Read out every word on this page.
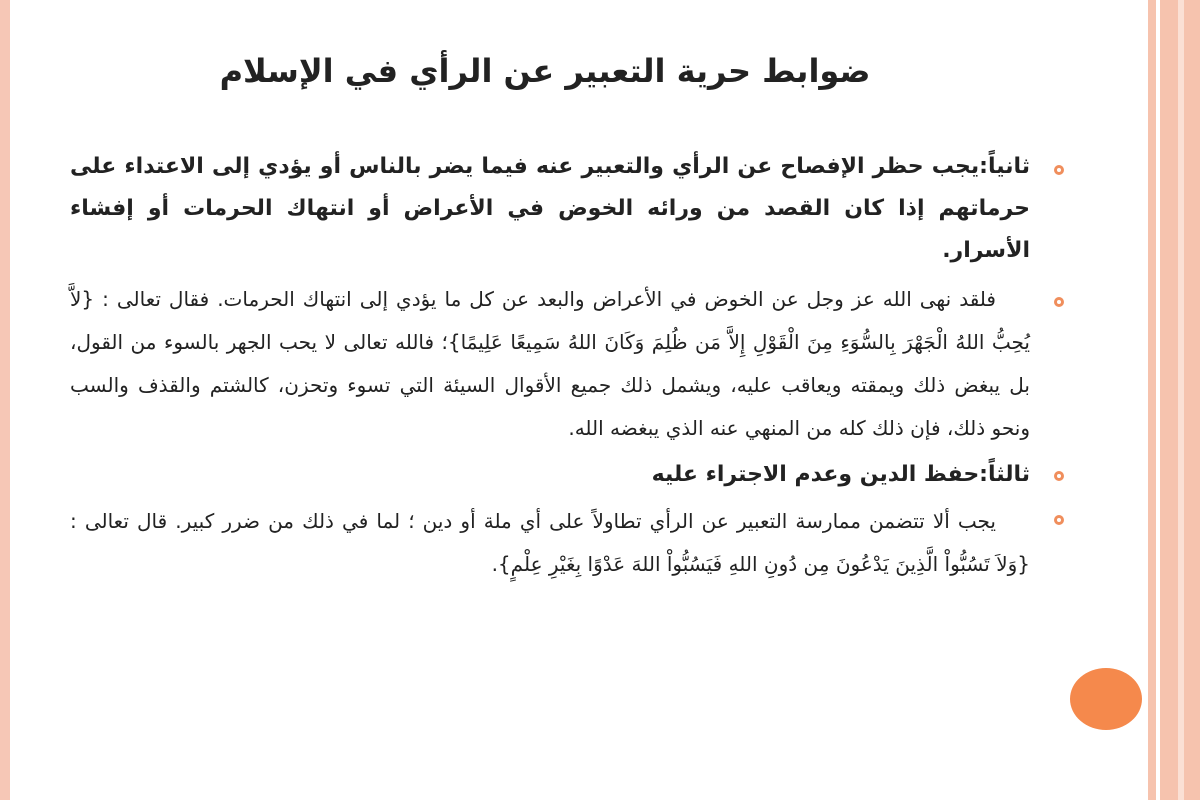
ضوابط حرية التعبير عن الرأي في الإسلام
ثانياً:يجب حظر الإفصاح عن الرأي والتعبير عنه فيما يضر بالناس أو يؤدي إلى الاعتداء على حرماتهم إذا كان القصد من ورائه الخوض في الأعراض أو انتهاك الحرمات أو إفشاء الأسرار.
فلقد نهى الله عز وجل عن الخوض في الأعراض والبعد عن كل ما يؤدي إلى انتهاك الحرمات. فقال تعالى : {لاَّ يُحِبُّ اللهُ الْجَهْرَ بِالسُّوَءِ مِنَ الْقَوْلِ إِلاَّ مَن ظُلِمَ وَكَانَ اللهُ سَمِيعًا عَلِيمًا}؛ فالله تعالى لا يحب الجهر بالسوء من القول، بل يبغض ذلك ويمقته ويعاقب عليه، ويشمل ذلك جميع الأقوال السيئة التي تسوء وتحزن، كالشتم والقذف والسب ونحو ذلك، فإن ذلك كله من المنهي عنه الذي يبغضه الله.
ثالثاً:حفظ الدين وعدم الاجتراء عليه
يجب ألا تتضمن ممارسة التعبير عن الرأي تطاولاً على أي ملة أو دين ؛ لما في ذلك من ضرر كبير. قال تعالى : {وَلاَ تَسُبُّواْ الَّذِينَ يَدْعُونَ مِن دُونِ اللهِ فَيَسُبُّواْ اللهَ عَدْوًا بِغَيْرِ عِلْمٍ}.
